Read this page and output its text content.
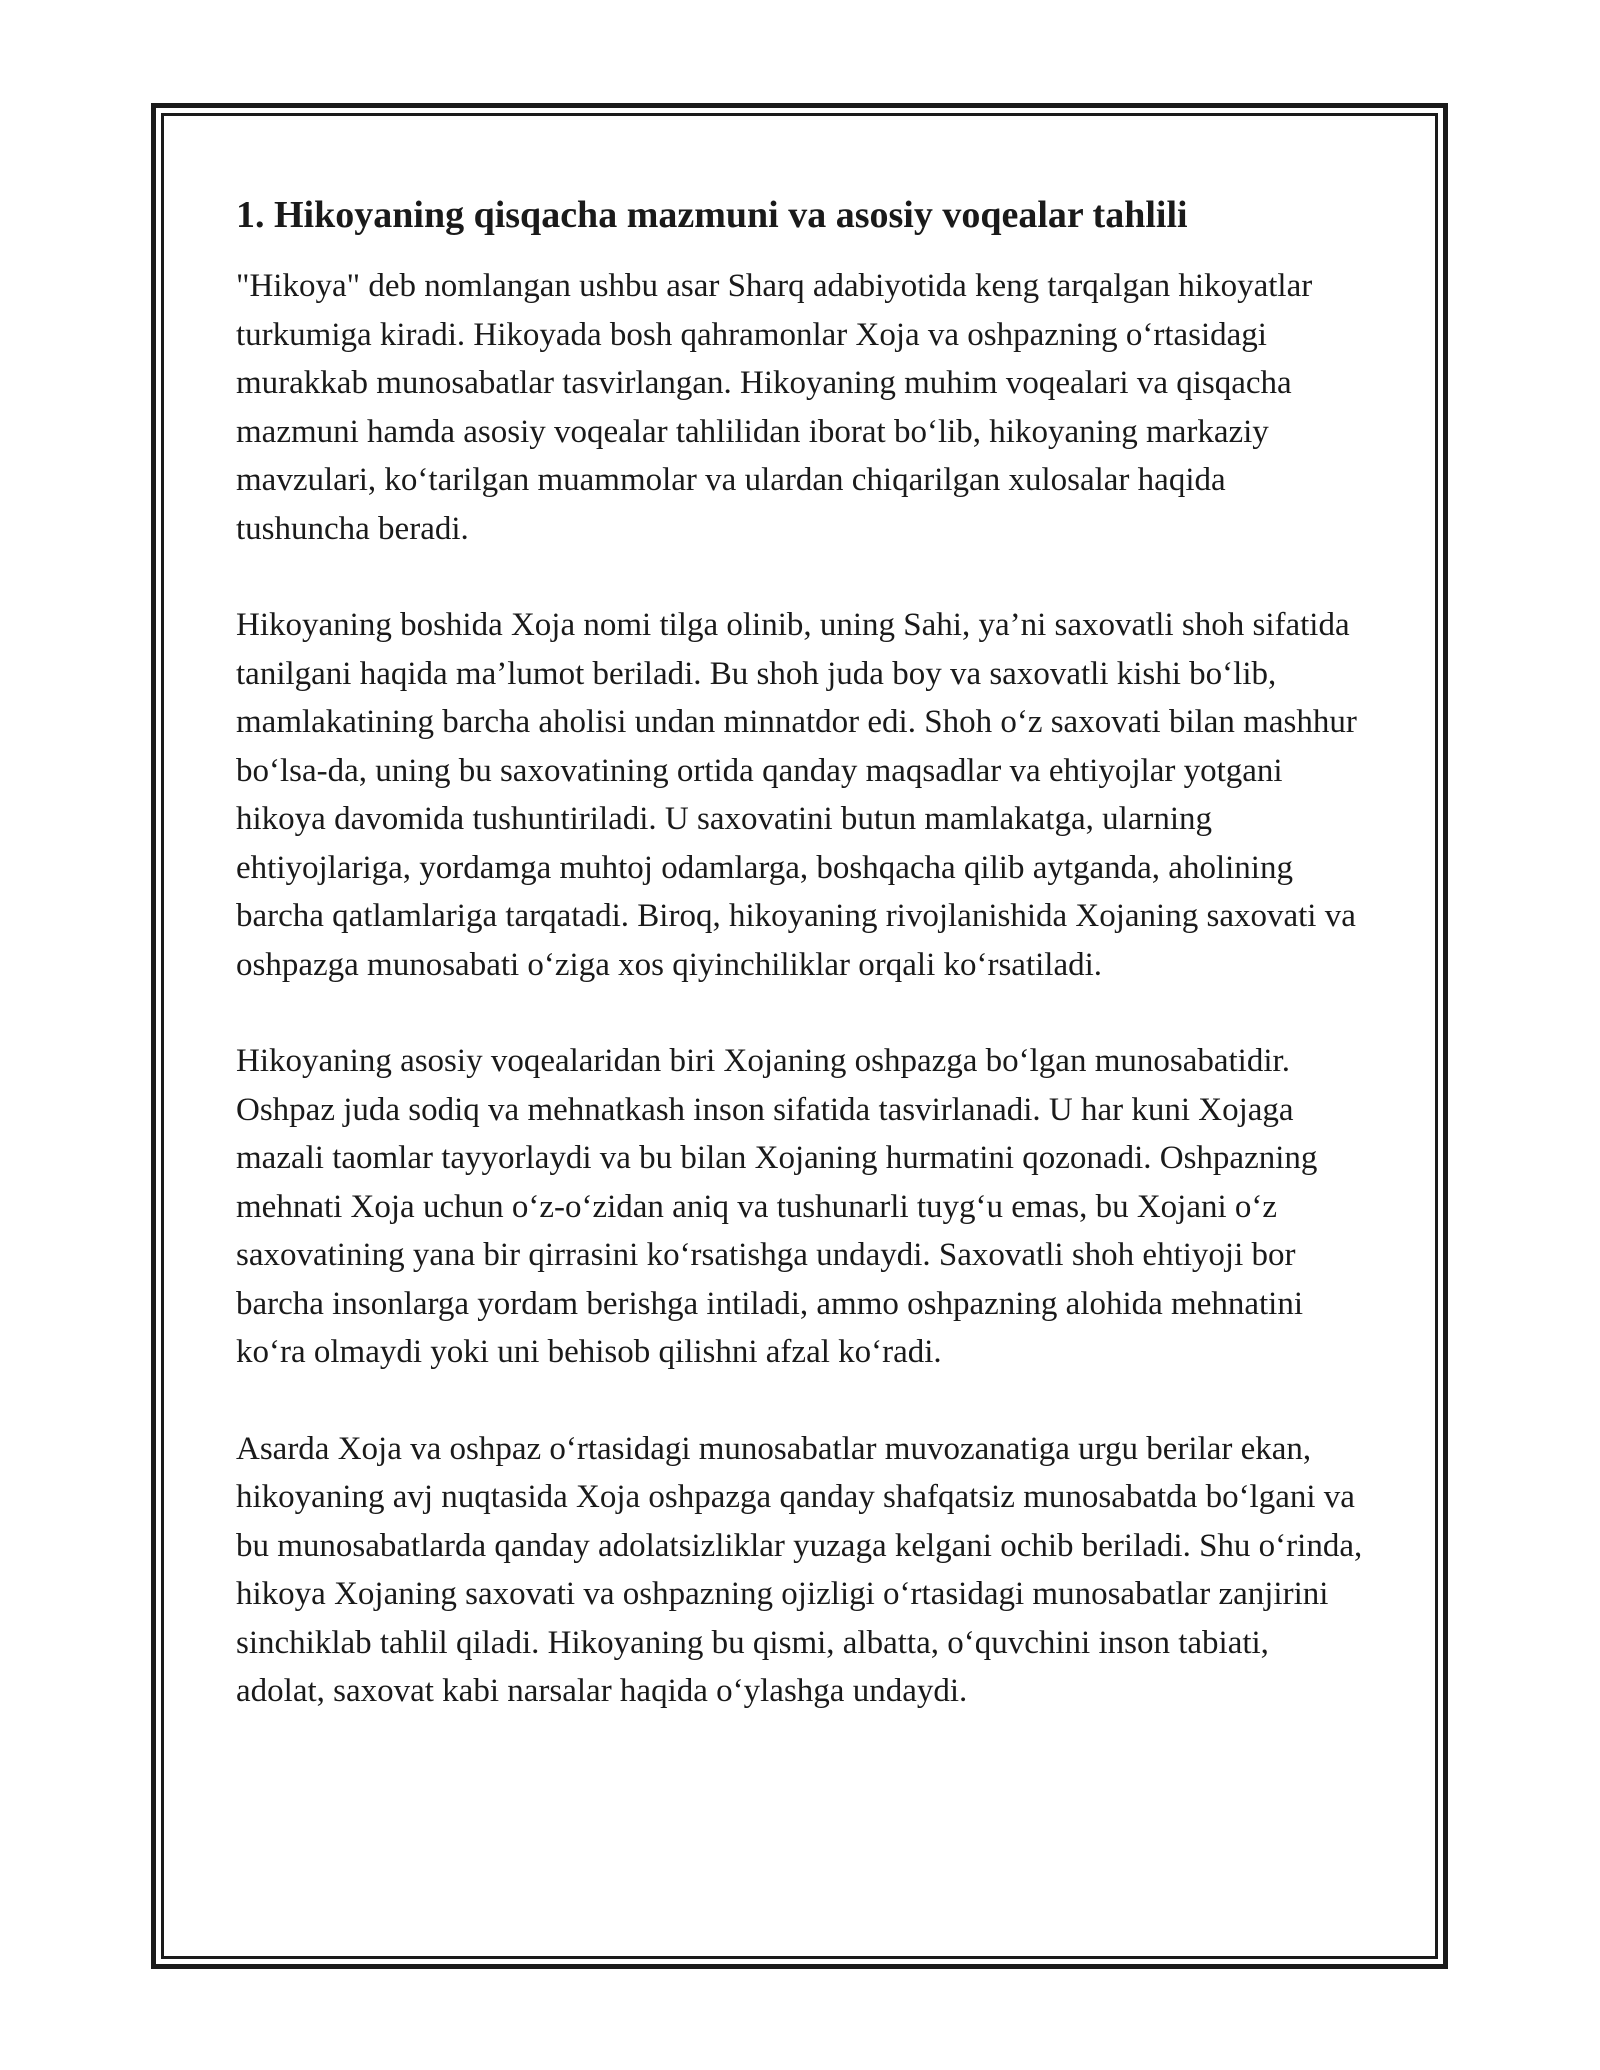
1. Hikoyaning qisqacha mazmuni va asosiy voqealar tahlili

"Hikoya" deb nomlangan ushbu asar Sharq adabiyotida keng tarqalgan hikoyatlar turkumiga kiradi. Hikoyada bosh qahramonlar Xoja va oshpazning oʻrtasidagi murakkab munosabatlar tasvirlangan. Hikoyaning muhim voqealari va qisqacha mazmuni hamda asosiy voqealar tahlilidan iborat boʻlib, hikoyaning markaziy mavzulari, koʻtarilgan muammolar va ulardan chiqarilgan xulosalar haqida tushuncha beradi.

Hikoyaning boshida Xoja nomi tilga olinib, uning Sahi, ya’ni saxovatli shoh sifatida tanilgani haqida ma’lumot beriladi. Bu shoh juda boy va saxovatli kishi boʻlib, mamlakatining barcha aholisi undan minnatdor edi. Shoh oʻz saxovati bilan mashhur boʻlsa-da, uning bu saxovatining ortida qanday maqsadlar va ehtiyojlar yotgani hikoya davomida tushuntiriladi. U saxovatini butun mamlakatga, ularning ehtiyojlariga, yordamga muhtoj odamlarga, boshqacha qilib aytganda, aholining barcha qatlamlariga tarqatadi. Biroq, hikoyaning rivojlanishida Xojaning saxovati va oshpazga munosabati oʻziga xos qiyinchiliklar orqali koʻrsatiladi.

Hikoyaning asosiy voqealaridan biri Xojaning oshpazga boʻlgan munosabatidir. Oshpaz juda sodiq va mehnatkash inson sifatida tasvirlanadi. U har kuni Xojaga mazali taomlar tayyorlaydi va bu bilan Xojaning hurmatini qozonadi. Oshpazning mehnati Xoja uchun oʻz-oʻzidan aniq va tushunarli tuygʻu emas, bu Xojani oʻz saxovatining yana bir qirrasini koʻrsatishga undaydi. Saxovatli shoh ehtiyoji bor barcha insonlarga yordam berishga intiladi, ammo oshpazning alohida mehnatini koʻra olmaydi yoki uni behisob qilishni afzal koʻradi.

Asarda Xoja va oshpaz oʻrtasidagi munosabatlar muvozanatiga urgu berilar ekan, hikoyaning avj nuqtasida Xoja oshpazga qanday shafqatsiz munosabatda boʻlgani va bu munosabatlarda qanday adolatsizliklar yuzaga kelgani ochib beriladi. Shu oʻrinda, hikoya Xojaning saxovati va oshpazning ojizligi oʻrtasidagi munosabatlar zanjirini sinchiklab tahlil qiladi. Hikoyaning bu qismi, albatta, oʻquvchini inson tabiati, adolat, saxovat kabi narsalar haqida oʻylashga undaydi.
